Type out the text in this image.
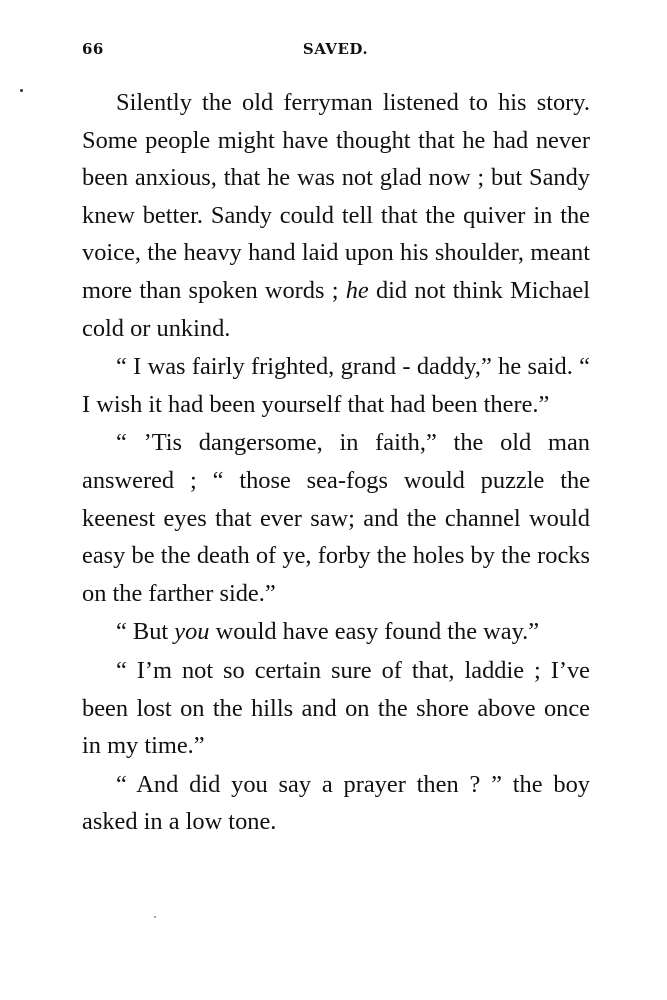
66	SAVED.

Silently the old ferryman listened to his story. Some people might have thought that he had never been anxious, that he was not glad now ; but Sandy knew better. Sandy could tell that the quiver in the voice, the heavy hand laid upon his shoulder, meant more than spoken words ; he did not think Michael cold or unkind.

“ I was fairly frighted, grand - daddy,” he said. “ I wish it had been yourself that had been there.”

“ ’Tis dangersome, in faith,” the old man answered ; “ those sea-fogs would puzzle the keenest eyes that ever saw; and the channel would easy be the death of ye, forby the holes by the rocks on the farther side.”

“ But you would have easy found the way.”

“ I’m not so certain sure of that, laddie ; I’ve been lost on the hills and on the shore above once in my time.”

“ And did you say a prayer then ? ” the boy asked in a low tone.
